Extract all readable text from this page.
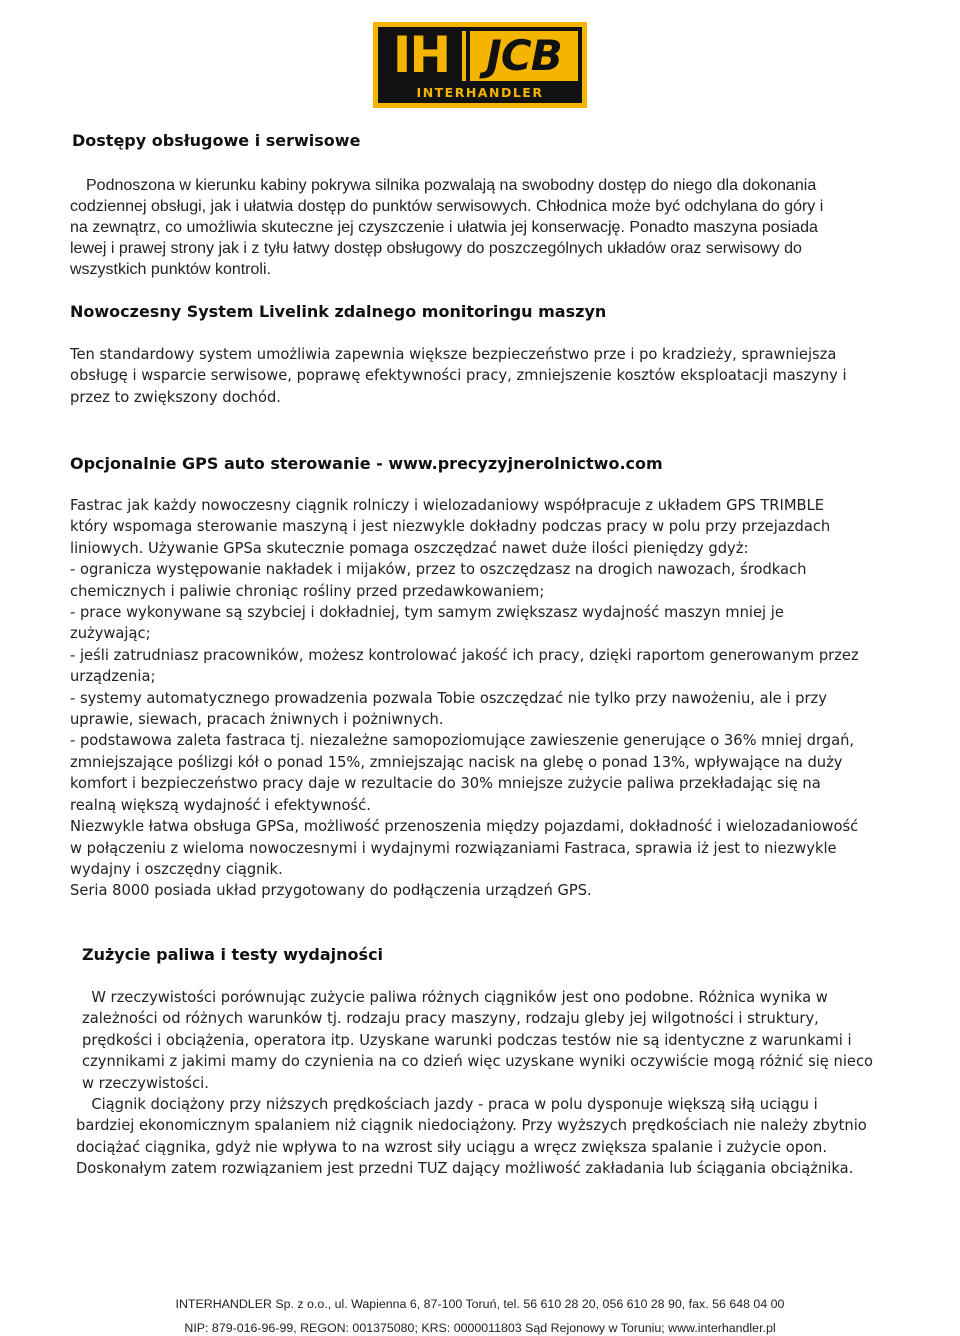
IH JCB
INTERHANDLER
Dostępy obsługowe i serwisowe

Podnoszona w kierunku kabiny pokrywa silnika pozwalają na swobodny dostęp do niego dla dokonania
codziennej obsługi, jak i ułatwia dostęp do punktów serwisowych. Chłodnica może być odchylana do góry i
na zewnątrz, co umożliwia skuteczne jej czyszczenie i ułatwia jej konserwację. Ponadto maszyna posiada
lewej i prawej strony jak i z tyłu łatwy dostęp obsługowy do poszczególnych układów oraz serwisowy do
wszystkich punktów kontroli.

Nowoczesny System Livelink zdalnego monitoringu maszyn

Ten standardowy system umożliwia zapewnia większe bezpieczeństwo prze i po kradzieży, sprawniejsza
obsługę i wsparcie serwisowe, poprawę efektywności pracy, zmniejszenie kosztów eksploatacji maszyny i
przez to zwiększony dochód.

Opcjonalnie GPS auto sterowanie - www.precyzyjnerolnictwo.com

Fastrac jak każdy nowoczesny ciągnik rolniczy i wielozadaniowy współpracuje z układem GPS TRIMBLE
który wspomaga sterowanie maszyną i jest niezwykle dokładny podczas pracy w polu przy przejazdach
liniowych. Używanie GPSa skutecznie pomaga oszczędzać nawet duże ilości pieniędzy gdyż:
- ogranicza występowanie nakładek i mijaków, przez to oszczędzasz na drogich nawozach, środkach
chemicznych i paliwie chroniąc rośliny przed przedawkowaniem;
- prace wykonywane są szybciej i dokładniej, tym samym zwiększasz wydajność maszyn mniej je
zużywając;
- jeśli zatrudniasz pracowników, możesz kontrolować jakość ich pracy, dzięki raportom generowanym przez
urządzenia;
- systemy automatycznego prowadzenia pozwala Tobie oszczędzać nie tylko przy nawożeniu, ale i przy
uprawie, siewach, pracach żniwnych i pożniwnych.
- podstawowa zaleta fastraca tj. niezależne samopoziomujące zawieszenie generujące o 36% mniej drgań,
zmniejszające poślizgi kół o ponad 15%, zmniejszając nacisk na glebę o ponad 13%, wpływające na duży
komfort i bezpieczeństwo pracy daje w rezultacie do 30% mniejsze zużycie paliwa przekładając się na
realną większą wydajność i efektywność.
Niezwykle łatwa obsługa GPSa, możliwość przenoszenia między pojazdami, dokładność i wielozadaniowość
w połączeniu z wieloma nowoczesnymi i wydajnymi rozwiązaniami Fastraca, sprawia iż jest to niezwykle
wydajny i oszczędny ciągnik.
Seria 8000 posiada układ przygotowany do podłączenia urządzeń GPS.

Zużycie paliwa i testy wydajności

W rzeczywistości porównując zużycie paliwa różnych ciągników jest ono podobne. Różnica wynika w
zależności od różnych warunków tj. rodzaju pracy maszyny, rodzaju gleby jej wilgotności i struktury,
prędkości i obciążenia, operatora itp. Uzyskane warunki podczas testów nie są identyczne z warunkami i
czynnikami z jakimi mamy do czynienia na co dzień więc uzyskane wyniki oczywiście mogą różnić się nieco
w rzeczywistości.
Ciągnik dociążony przy niższych prędkościach jazdy - praca w polu dysponuje większą siłą uciągu i
bardziej ekonomicznym spalaniem niż ciągnik niedociążony. Przy wyższych prędkościach nie należy zbytnio
dociążać ciągnika, gdyż nie wpływa to na wzrost siły uciągu a wręcz zwiększa spalanie i zużycie opon.
Doskonałym zatem rozwiązaniem jest przedni TUZ dający możliwość zakładania lub ściągania obciążnika.

INTERHANDLER Sp. z o.o., ul. Wapienna 6, 87-100 Toruń, tel. 56 610 28 20, 056 610 28 90, fax. 56 648 04 00
NIP: 879-016-96-99, REGON: 001375080; KRS: 0000011803 Sąd Rejonowy w Toruniu; www.interhandler.pl
